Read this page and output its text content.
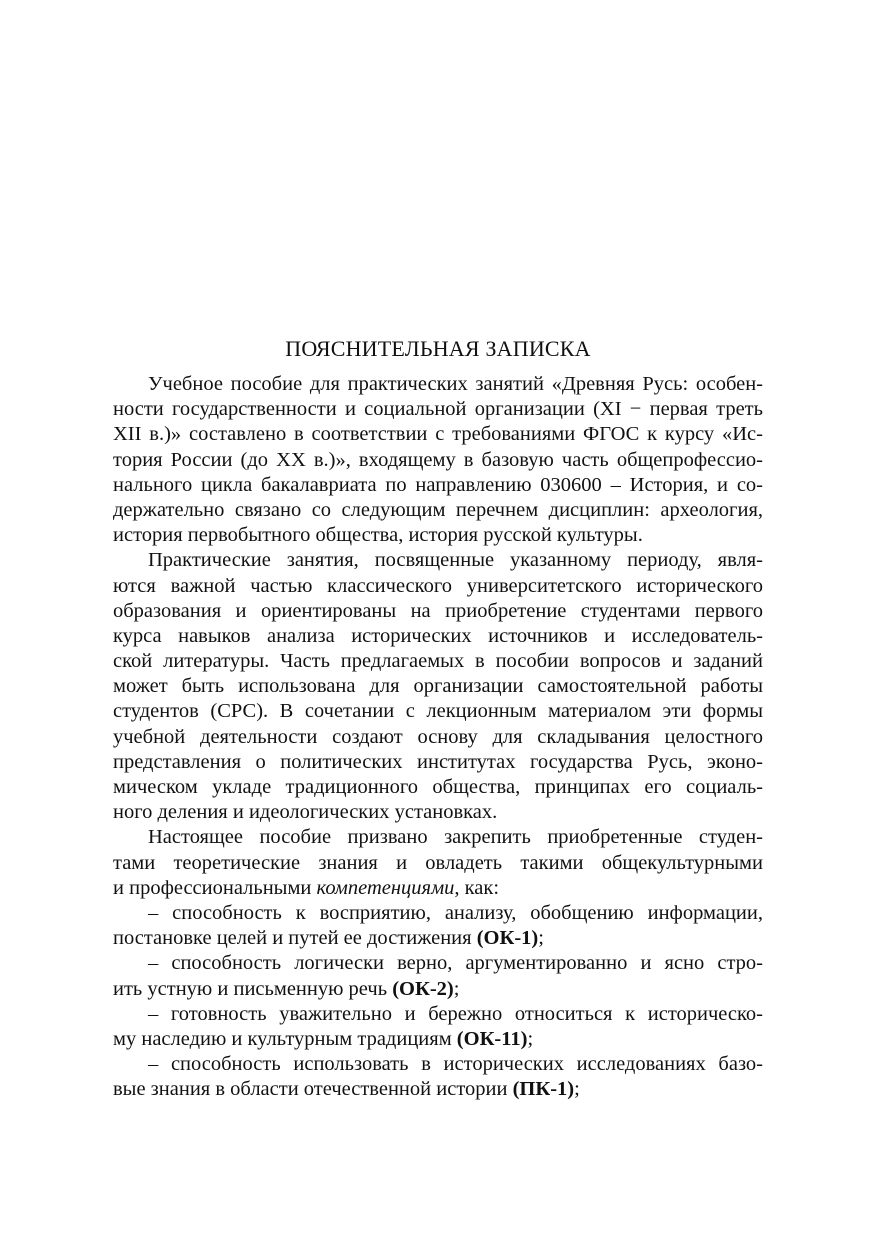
ПОЯСНИТЕЛЬНАЯ ЗАПИСКА
Учебное пособие для практических занятий «Древняя Русь: особен-
ности государственности и социальной организации (XI − первая треть
XII в.)» составлено в соответствии с требованиями ФГОС к курсу «Ис-
тория России (до XX в.)», входящему в базовую часть общепрофессио-
нального цикла бакалавриата по направлению 030600 – История, и со-
держательно связано со следующим перечнем дисциплин: археология,
история первобытного общества, история русской культуры.
Практические занятия, посвященные указанному периоду, явля-
ются важной частью классического университетского исторического
образования и ориентированы на приобретение студентами первого
курса навыков анализа исторических источников и исследователь-
ской литературы. Часть предлагаемых в пособии вопросов и заданий
может быть использована для организации самостоятельной работы
студентов (СРС). В сочетании с лекционным материалом эти формы
учебной деятельности создают основу для складывания целостного
представления о политических институтах государства Русь, эконо-
мическом укладе традиционного общества, принципах его социаль-
ного деления и идеологических установках.
Настоящее пособие призвано закрепить приобретенные студен-
тами теоретические знания и овладеть такими общекультурными
и профессиональными компетенциями, как:
– способность к восприятию, анализу, обобщению информации,
постановке целей и путей ее достижения (ОК-1);
– способность логически верно, аргументированно и ясно стро-
ить устную и письменную речь (ОК-2);
– готовность уважительно и бережно относиться к историческо-
му наследию и культурным традициям (ОК-11);
– способность использовать в исторических исследованиях базо-
вые знания в области отечественной истории (ПК-1);
